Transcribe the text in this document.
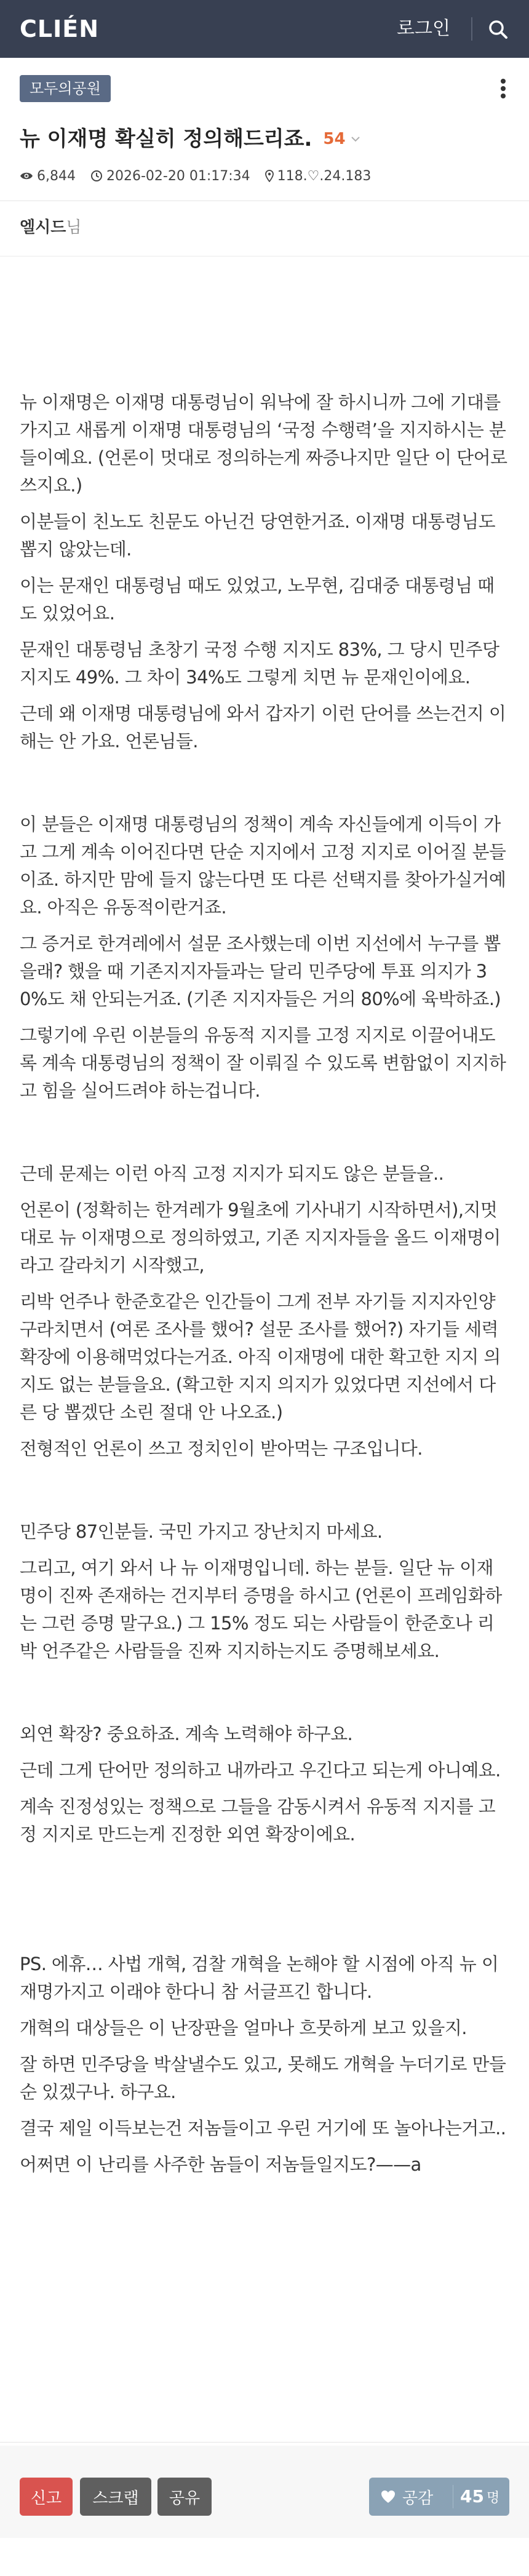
CLIÉN	로그인
모두의공원
뉴 이재명 확실히 정의해드리죠. 54
6,844 2026-02-20 01:17:34 118.♡.24.183
엘시드님
뉴 이재명은 이재명 대통령님이 워낙에 잘 하시니까 그에 기대를 가지고 새롭게 이재명 대통령님의 ‘국정 수행력’을 지지하시는 분들이예요. (언론이 멋대로 정의하는게 짜증나지만 일단 이 단어로 쓰지요.)
이분들이 친노도 친문도 아닌건 당연한거죠. 이재명 대통령님도 뽑지 않았는데.
이는 문재인 대통령님 때도 있었고, 노무현, 김대중 대통령님 때도 있었어요.
문재인 대통령님 초창기 국정 수행 지지도 83%, 그 당시 민주당 지지도 49%. 그 차이 34%도 그렇게 치면 뉴 문재인이에요.
근데 왜 이재명 대통령님에 와서 갑자기 이런 단어를 쓰는건지 이해는 안 가요. 언론님들.
이 분들은 이재명 대통령님의 정책이 계속 자신들에게 이득이 가고 그게 계속 이어진다면 단순 지지에서 고정 지지로 이어질 분들이죠. 하지만 맘에 들지 않는다면 또 다른 선택지를 찾아가실거예요. 아직은 유동적이란거죠.
그 증거로 한겨레에서 설문 조사했는데 이번 지선에서 누구를 뽑을래? 했을 때 기존지지자들과는 달리 민주당에 투표 의지가 30%도 채 안되는거죠. (기존 지지자들은 거의 80%에 육박하죠.)
그렇기에 우린 이분들의 유동적 지지를 고정 지지로 이끌어내도록 계속 대통령님의 정책이 잘 이뤄질 수 있도록 변함없이 지지하고 힘을 실어드려야 하는겁니다.
근데 문제는 이런 아직 고정 지지가 되지도 않은 분들을..
언론이 (정확히는 한겨레가 9월초에 기사내기 시작하면서),지멋대로 뉴 이재명으로 정의하였고, 기존 지지자들을 올드 이재명이라고 갈라치기 시작했고,
리박 언주나 한준호같은 인간들이 그게 전부 자기들 지지자인양 구라치면서 (여론 조사를 했어? 설문 조사를 했어?) 자기들 세력 확장에 이용해먹었다는거죠. 아직 이재명에 대한 확고한 지지 의지도 없는 분들을요. (확고한 지지 의지가 있었다면 지선에서 다른 당 뽑겠단 소린 절대 안 나오죠.)
전형적인 언론이 쓰고 정치인이 받아먹는 구조입니다.
민주당 87인분들. 국민 가지고 장난치지 마세요.
그리고, 여기 와서 나 뉴 이재명입니데. 하는 분들. 일단 뉴 이재명이 진짜 존재하는 건지부터 증명을 하시고 (언론이 프레임화하는 그런 증명 말구요.) 그 15% 정도 되는 사람들이 한준호나 리박 언주같은 사람들을 진짜 지지하는지도 증명해보세요.
외연 확장? 중요하죠. 계속 노력해야 하구요.
근데 그게 단어만 정의하고 내까라고 우긴다고 되는게 아니예요.
계속 진정성있는 정책으로 그들을 감동시켜서 유동적 지지를 고정 지지로 만드는게 진정한 외연 확장이에요.
PS. 에휴… 사법 개혁, 검찰 개혁을 논해야 할 시점에 아직 뉴 이재명가지고 이래야 한다니 참 서글프긴 합니다.
개혁의 대상들은 이 난장판을 얼마나 흐뭇하게 보고 있을지.
잘 하면 민주당을 박살낼수도 있고, 못해도 개혁을 누더기로 만들 순 있겠구나. 하구요.
결국 제일 이득보는건 저놈들이고 우린 거기에 또 놀아나는거고..
어쩌면 이 난리를 사주한 놈들이 저놈들일지도?——a
신고	스크랩	공유	공감 45 명
